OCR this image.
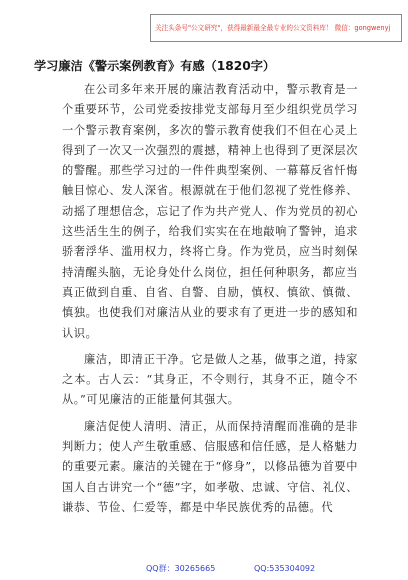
关注头条号"公文研究"，获得最新最全最专业的公文资料库！ 微信：gongwenyj
学习廉洁《警示案例教育》有感（1820字）

在公司多年来开展的廉洁教育活动中，警示教育是一个重要环节，公司党委按排党支部每月至少组织党员学习一个警示教育案例，多次的警示教育使我们不但在心灵上得到了一次又一次强烈的震撼，精神上也得到了更深层次的警醒。那些学习过的一件件典型案例、一幕幕反省忏悔触目惊心、发人深省。根源就在于他们忽视了党性修养、动摇了理想信念，忘记了作为共产党人、作为党员的初心这些活生生的例子，给我们实实在在地敲响了警钟，追求骄奢浮华、滥用权力，终将亡身。作为党员，应当时刻保持清醒头脑，无论身处什么岗位，担任何种职务，都应当真正做到自重、自省、自警、自励，慎权、慎欲、慎微、慎独。也使我们对廉洁从业的要求有了更进一步的感知和认识。

廉洁，即清正干净。它是做人之基，做事之道，持家之本。古人云：“其身正，不令则行，其身不正，随令不从。”可见廉洁的正能量何其强大。

廉洁促使人清明、清正，从而保持清醒而准确的是非判断力；使人产生敬重感、信服感和信任感，是人格魅力的重要元素。廉洁的关键在于“修身”，以修品德为首要中国人自古讲究一个“德”字，如孝敬、忠诚、守信、礼仪、谦恭、节俭、仁爱等，都是中华民族优秀的品德。代

QQ群：30265665	QQ:535304092
